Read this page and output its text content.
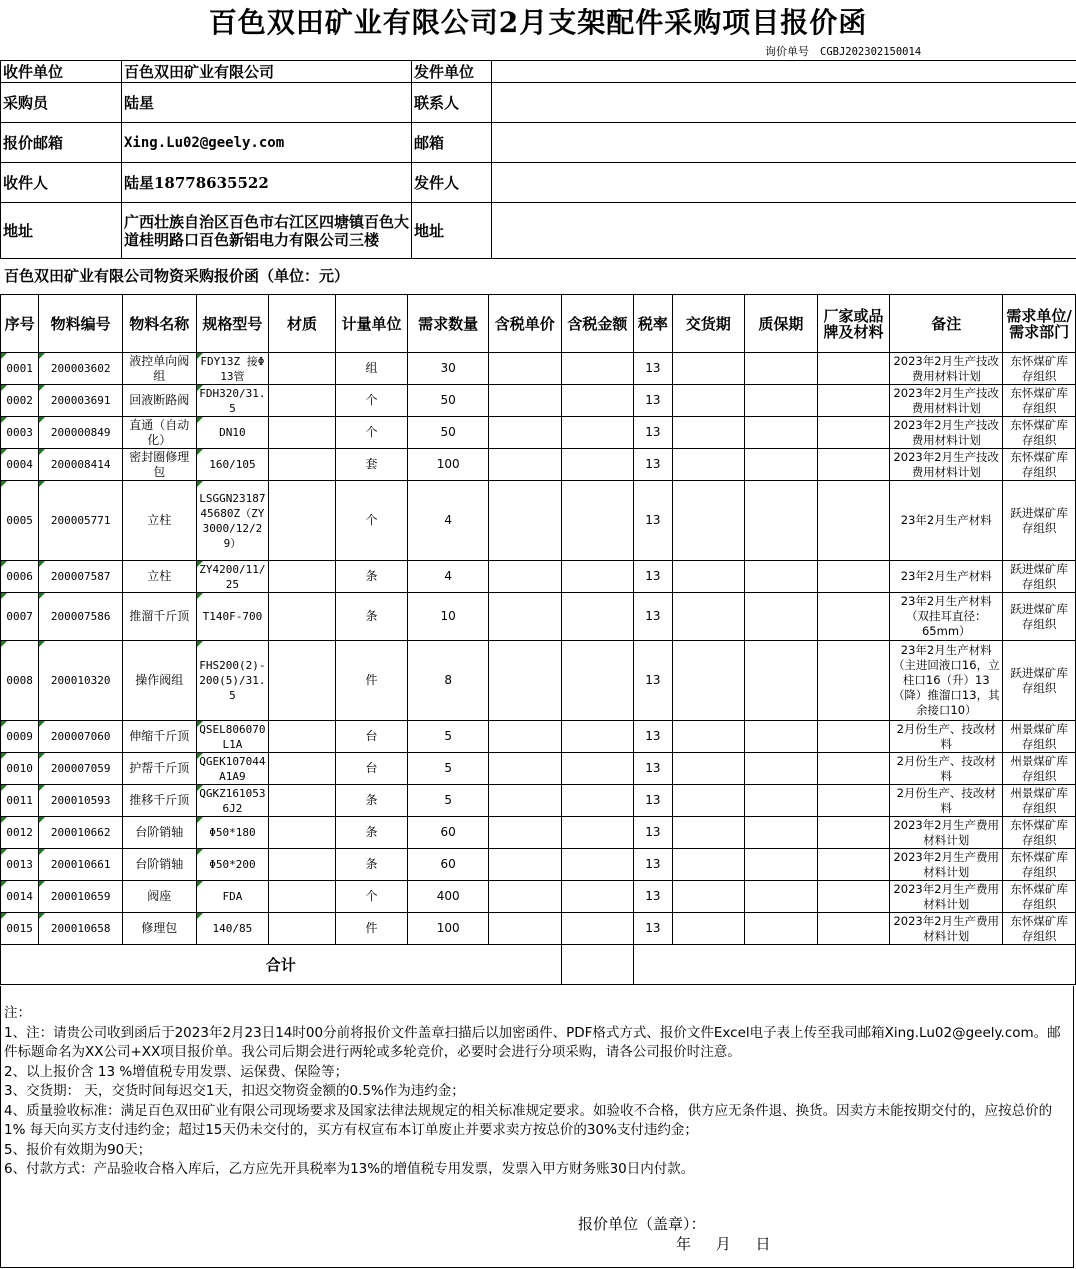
百色双田矿业有限公司2月支架配件采购项目报价函
询价单号 CGBJ202302150014
收件单位	百色双田矿业有限公司	发件单位	
采购员	陆星	联系人	
报价邮箱	Xing.Lu02@geely.com	邮箱	
收件人	陆星18778635522	发件人	
地址	广西壮族自治区百色市右江区四塘镇百色大道桂明路口百色新铝电力有限公司三楼	地址	
百色双田矿业有限公司物资采购报价函（单位：元）
序号	物料编号	物料名称	规格型号	材质	计量单位	需求数量	含税单价	含税金额	税率	交货期	质保期	厂家或品牌及材料	备注	需求单位/需求部门
0001	200003602	液控单向阀组	FDY13Z 接Φ13管		组	30			13				2023年2月生产技改费用材料计划	东怀煤矿库存组织
0002	200003691	回液断路阀	FDH320/31.5		个	50			13				2023年2月生产技改费用材料计划	东怀煤矿库存组织
0003	200000849	直通（自动化）	DN10		个	50			13				2023年2月生产技改费用材料计划	东怀煤矿库存组织
0004	200008414	密封圈修理包	160/105		套	100			13				2023年2月生产技改费用材料计划	东怀煤矿库存组织
0005	200005771	立柱	LSGGN2318745680Z（ZY3000/12/29）		个	4			13				23年2月生产材料	跃进煤矿库存组织
0006	200007587	立柱	ZY4200/11/25		条	4			13				23年2月生产材料	跃进煤矿库存组织
0007	200007586	推溜千斤顶	T140F-700		条	10			13				23年2月生产材料（双挂耳直径：65mm）	跃进煤矿库存组织
0008	200010320	操作阀组	FHS200(2)-200(5)/31.5		件	8			13				23年2月生产材料（主进回液口16，立柱口16（升）13（降）推溜口13，其余接口10）	跃进煤矿库存组织
0009	200007060	伸缩千斤顶	QSEL806070L1A		台	5			13				2月份生产、技改材料	州景煤矿库存组织
0010	200007059	护帮千斤顶	QGEK107044A1A9		台	5			13				2月份生产、技改材料	州景煤矿库存组织
0011	200010593	推移千斤顶	QGKZ1610536J2		条	5			13				2月份生产、技改材料	州景煤矿库存组织
0012	200010662	台阶销轴	Φ50*180		条	60			13				2023年2月生产费用材料计划	东怀煤矿库存组织
0013	200010661	台阶销轴	Φ50*200		条	60			13				2023年2月生产费用材料计划	东怀煤矿库存组织
0014	200010659	阀座	FDA		个	400			13				2023年2月生产费用材料计划	东怀煤矿库存组织
0015	200010658	修理包	140/85		件	100			13				2023年2月生产费用材料计划	东怀煤矿库存组织
合计														

注：

1、注：请贵公司收到函后于2023年2月23日14时00分前将报价文件盖章扫描后以加密函件、PDF格式方式、报价文件Excel电子表上传至我司邮箱Xing.Lu02@geely.com。邮件标题命名为XX公司+XX项目报价单。我公司后期会进行两轮或多轮竞价，必要时会进行分项采购，请各公司报价时注意。

2、以上报价含 13 %增值税专用发票、运保费、保险等；

3、交货期： 天，交货时间每迟交1天，扣迟交物资金额的0.5%作为违约金；

4、质量验收标准：满足百色双田矿业有限公司现场要求及国家法律法规规定的相关标准规定要求。如验收不合格，供方应无条件退、换货。因卖方未能按期交付的，应按总价的1% 每天向买方支付违约金；超过15天仍未交付的，买方有权宣布本订单废止并要求卖方按总价的30%支付违约金；

5、报价有效期为90天；

6、付款方式：产品验收合格入库后，乙方应先开具税率为13%的增值税专用发票，发票入甲方财务账30日内付款。

报价单位（盖章）：
年 月 日
